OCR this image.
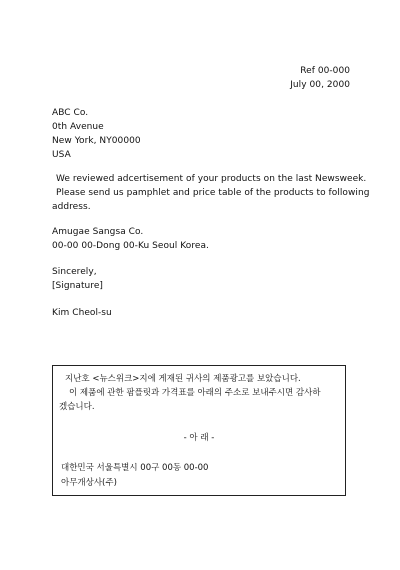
Ref 00-000
July 00, 2000
ABC Co.
0th Avenue
New York, NY00000
USA
We reviewed adcertisement of your products on the last Newsweek.
Please send us pamphlet and price table of the products to following
address.
Amugae Sangsa Co.
00-00 00-Dong 00-Ku Seoul Korea.
Sincerely,
[Signature]
Kim Cheol-su
지난호 <뉴스위크>지에 게재된 귀사의 제품광고를 보았습니다.
이 제품에 관한 팜플릿과 가격표를 아래의 주소로 보내주시면 감사하
겠습니다.
- 아 래 -
대한민국 서울특별시 00구 00동 00-00
아무개상사(주)
